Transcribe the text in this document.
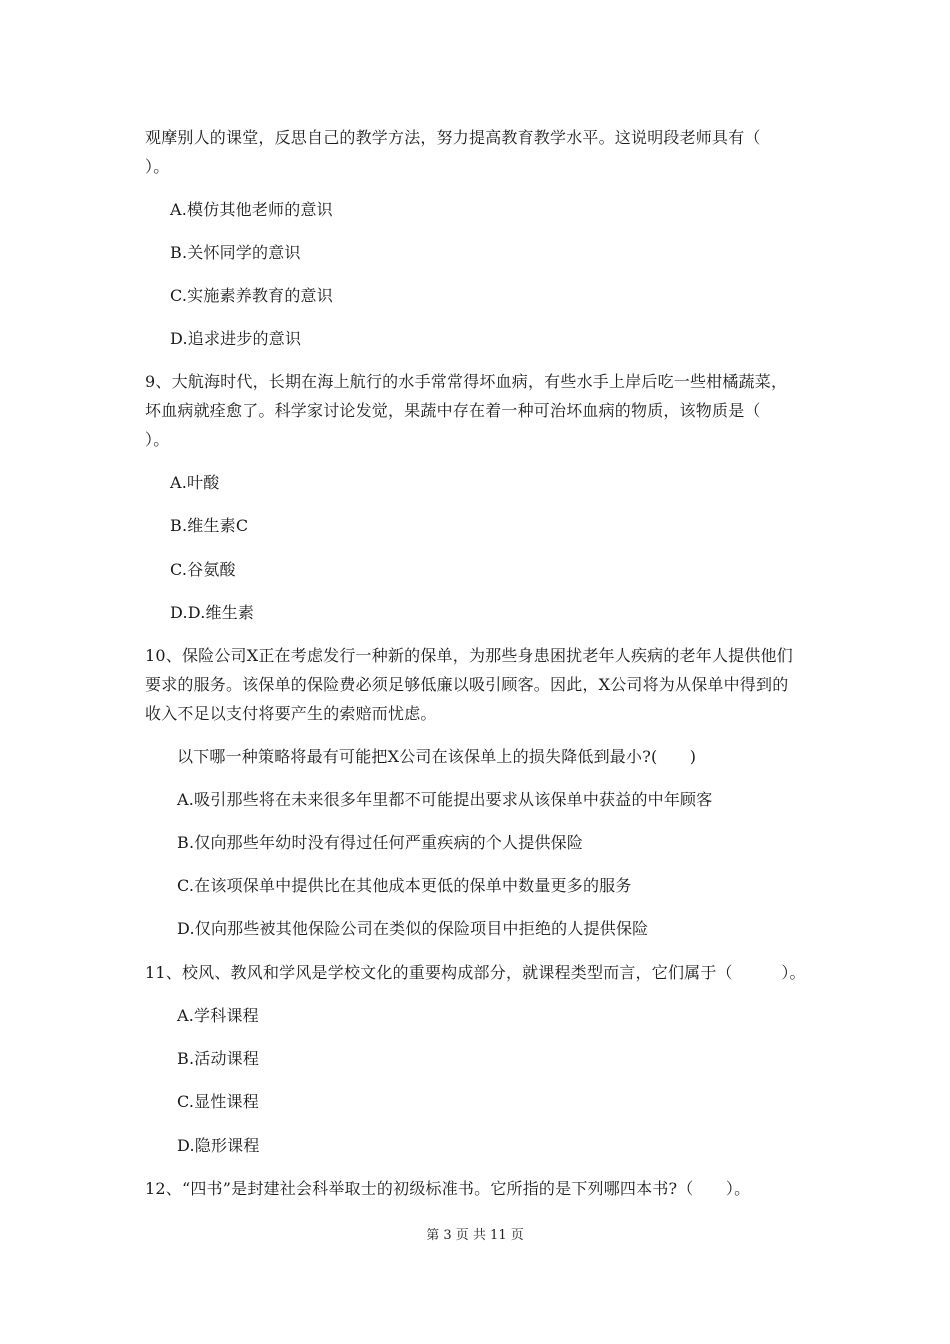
观摩别人的课堂，反思自己的教学方法，努力提高教育教学水平。这说明段老师具有（
）。
A.模仿其他老师的意识
B.关怀同学的意识
C.实施素养教育的意识
D.追求进步的意识
9、大航海时代，长期在海上航行的水手常常得坏血病，有些水手上岸后吃一些柑橘蔬菜，
坏血病就痊愈了。科学家讨论发觉，果蔬中存在着一种可治坏血病的物质，该物质是（
）。
A.叶酸
B.维生素C
C.谷氨酸
D.D.维生素
10、保险公司X正在考虑发行一种新的保单，为那些身患困扰老年人疾病的老年人提供他们
要求的服务。该保单的保险费必须足够低廉以吸引顾客。因此，X公司将为从保单中得到的
收入不足以支付将要产生的索赔而忧虑。
以下哪一种策略将最有可能把X公司在该保单上的损失降低到最小?(　　)
A.吸引那些将在未来很多年里都不可能提出要求从该保单中获益的中年顾客
B.仅向那些年幼时没有得过任何严重疾病的个人提供保险
C.在该项保单中提供比在其他成本更低的保单中数量更多的服务
D.仅向那些被其他保险公司在类似的保险项目中拒绝的人提供保险
11、校风、教风和学风是学校文化的重要构成部分，就课程类型而言，它们属于（　　　）。
A.学科课程
B.活动课程
C.显性课程
D.隐形课程
12、“四书”是封建社会科举取士的初级标准书。它所指的是下列哪四本书?（　　）。
第 3 页 共 11 页
